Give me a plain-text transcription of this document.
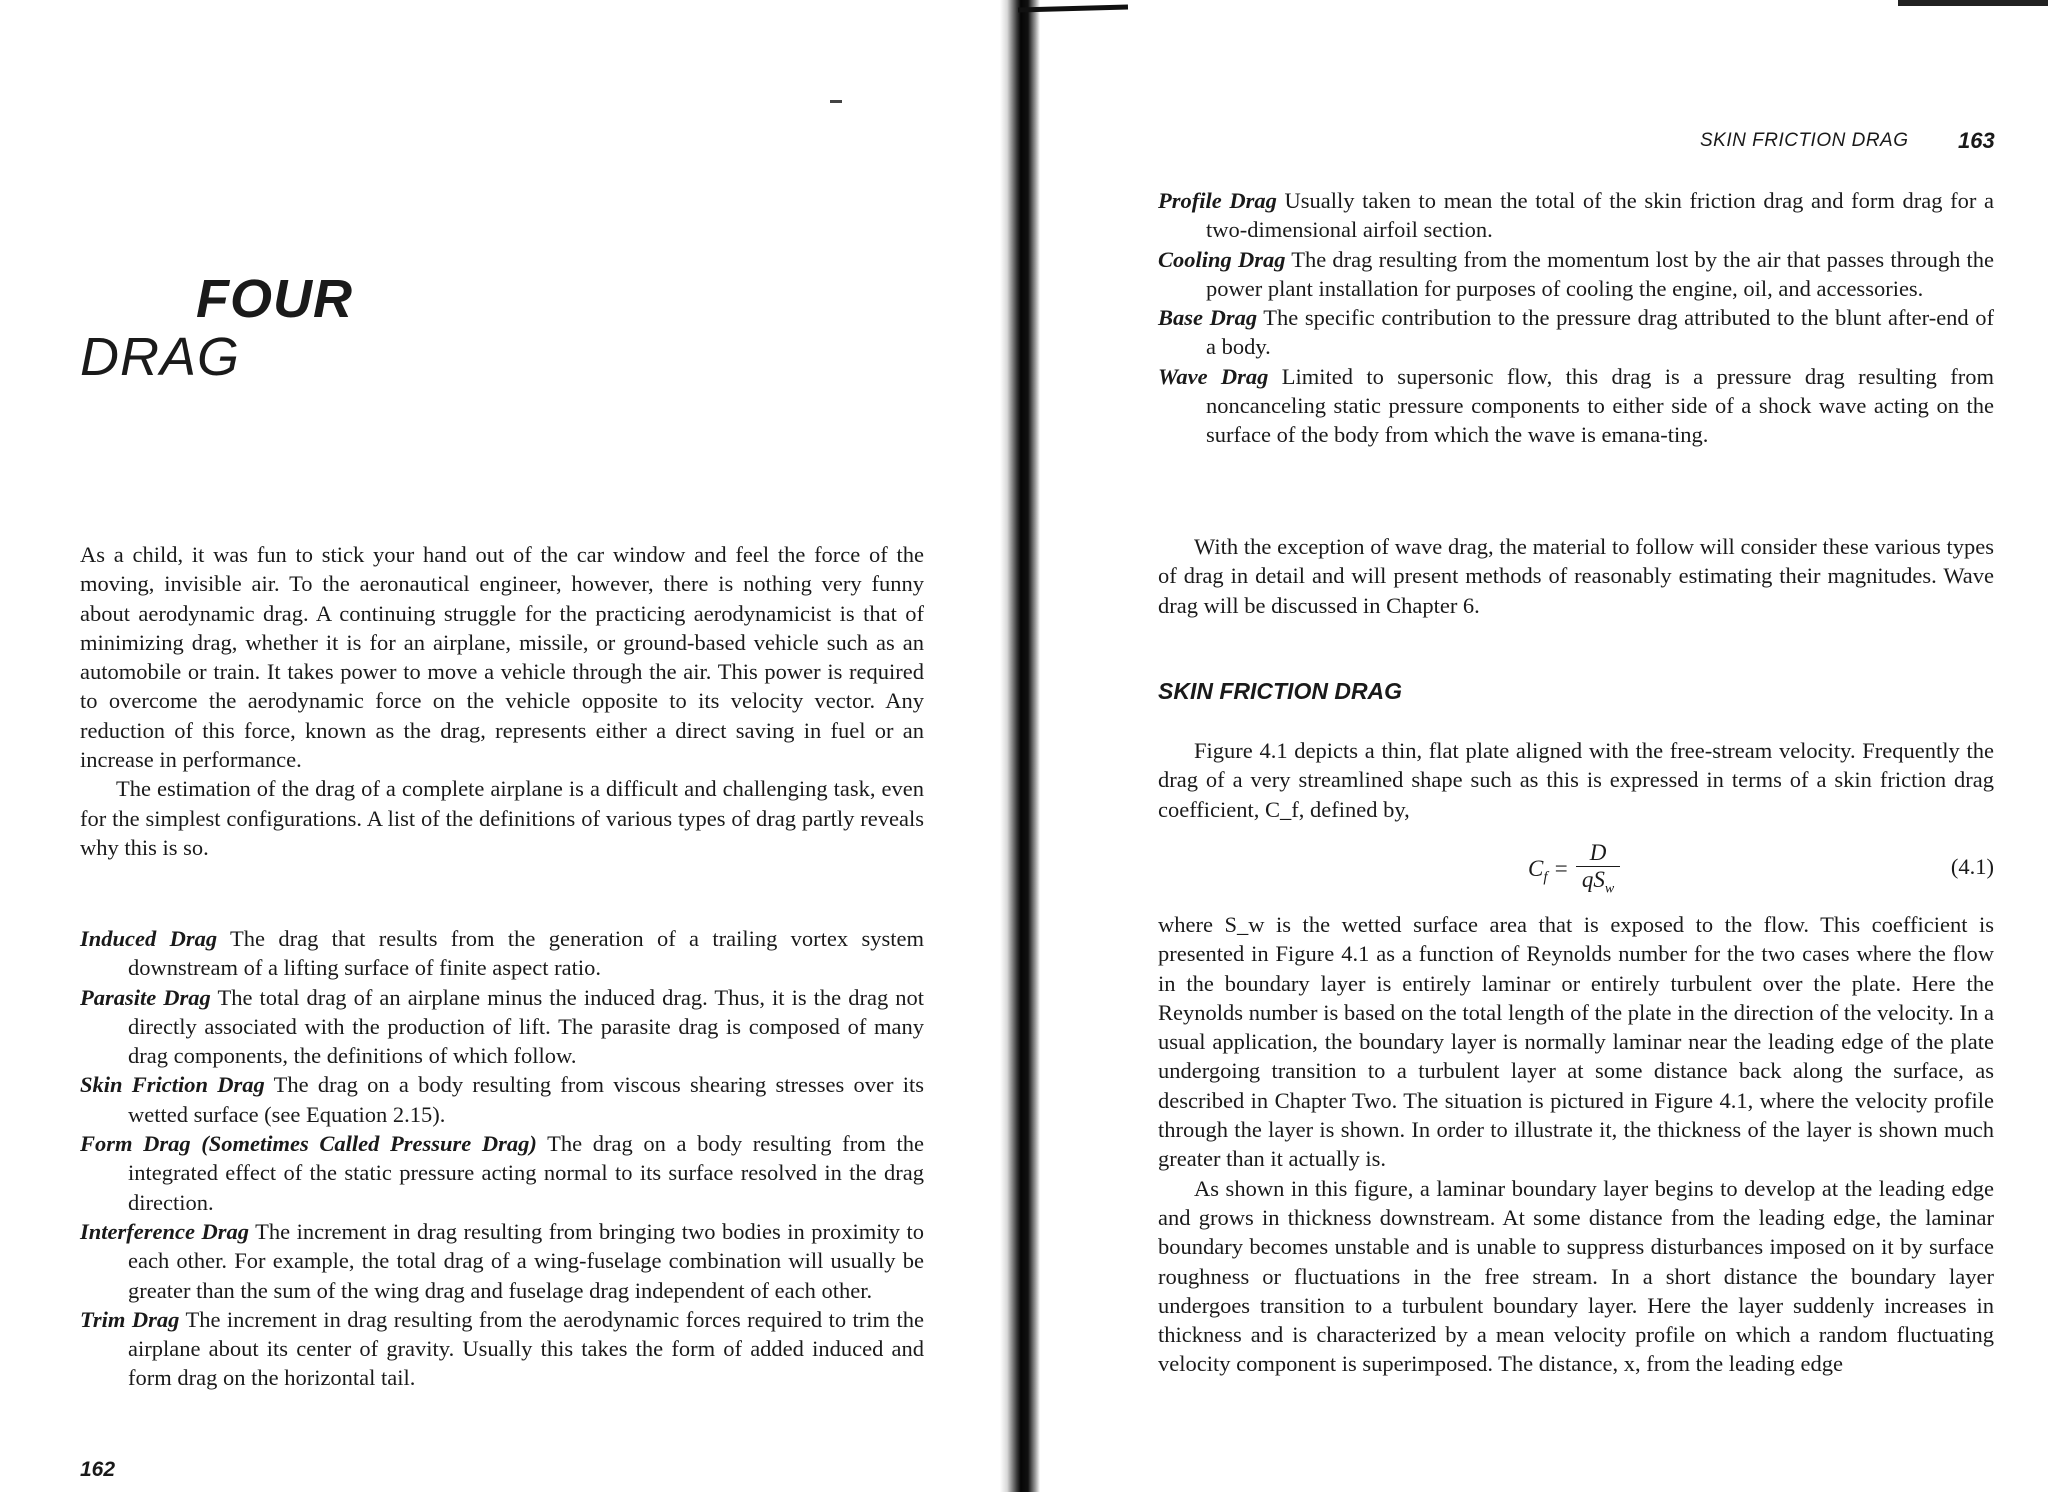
FOUR
DRAG

As a child, it was fun to stick your hand out of the car window and feel the force of the moving, invisible air. To the aeronautical engineer, however, there is nothing very funny about aerodynamic drag. A continuing struggle for the practicing aerodynamicist is that of minimizing drag, whether it is for an airplane, missile, or ground-based vehicle such as an automobile or train. It takes power to move a vehicle through the air. This power is required to overcome the aerodynamic force on the vehicle opposite to its velocity vector. Any reduction of this force, known as the drag, represents either a direct saving in fuel or an increase in performance.

The estimation of the drag of a complete airplane is a difficult and challenging task, even for the simplest configurations. A list of the definitions of various types of drag partly reveals why this is so.

Induced Drag The drag that results from the generation of a trailing vortex system downstream of a lifting surface of finite aspect ratio.
Parasite Drag The total drag of an airplane minus the induced drag. Thus, it is the drag not directly associated with the production of lift. The parasite drag is composed of many drag components, the definitions of which follow.
Skin Friction Drag The drag on a body resulting from viscous shearing stresses over its wetted surface (see Equation 2.15).
Form Drag (Sometimes Called Pressure Drag) The drag on a body resulting from the integrated effect of the static pressure acting normal to its surface resolved in the drag direction.
Interference Drag The increment in drag resulting from bringing two bodies in proximity to each other. For example, the total drag of a wing-fuselage combination will usually be greater than the sum of the wing drag and fuselage drag independent of each other.
Trim Drag The increment in drag resulting from the aerodynamic forces required to trim the airplane about its center of gravity. Usually this takes the form of added induced and form drag on the horizontal tail.

162

SKIN FRICTION DRAG 163

Profile Drag Usually taken to mean the total of the skin friction drag and form drag for a two-dimensional airfoil section.
Cooling Drag The drag resulting from the momentum lost by the air that passes through the power plant installation for purposes of cooling the engine, oil, and accessories.
Base Drag The specific contribution to the pressure drag attributed to the blunt after-end of a body.
Wave Drag Limited to supersonic flow, this drag is a pressure drag resulting from noncanceling static pressure components to either side of a shock wave acting on the surface of the body from which the wave is emana-ting.

With the exception of wave drag, the material to follow will consider these various types of drag in detail and will present methods of reasonably estimating their magnitudes. Wave drag will be discussed in Chapter 6.

SKIN FRICTION DRAG

Figure 4.1 depicts a thin, flat plate aligned with the free-stream velocity. Frequently the drag of a very streamlined shape such as this is expressed in terms of a skin friction drag coefficient, C_f, defined by,

$C_f$ =
D
$qS_w$
(4.1)

where S_w is the wetted surface area that is exposed to the flow. This coefficient is presented in Figure 4.1 as a function of Reynolds number for the two cases where the flow in the boundary layer is entirely laminar or entirely turbulent over the plate. Here the Reynolds number is based on the total length of the plate in the direction of the velocity. In a usual application, the boundary layer is normally laminar near the leading edge of the plate undergoing transition to a turbulent layer at some distance back along the surface, as described in Chapter Two. The situation is pictured in Figure 4.1, where the velocity profile through the layer is shown. In order to illustrate it, the thickness of the layer is shown much greater than it actually is.

As shown in this figure, a laminar boundary layer begins to develop at the leading edge and grows in thickness downstream. At some distance from the leading edge, the laminar boundary becomes unstable and is unable to suppress disturbances imposed on it by surface roughness or fluctuations in the free stream. In a short distance the boundary layer undergoes transition to a turbulent boundary layer. Here the layer suddenly increases in thickness and is characterized by a mean velocity profile on which a random fluctuating velocity component is superimposed. The distance, x, from the leading edge
